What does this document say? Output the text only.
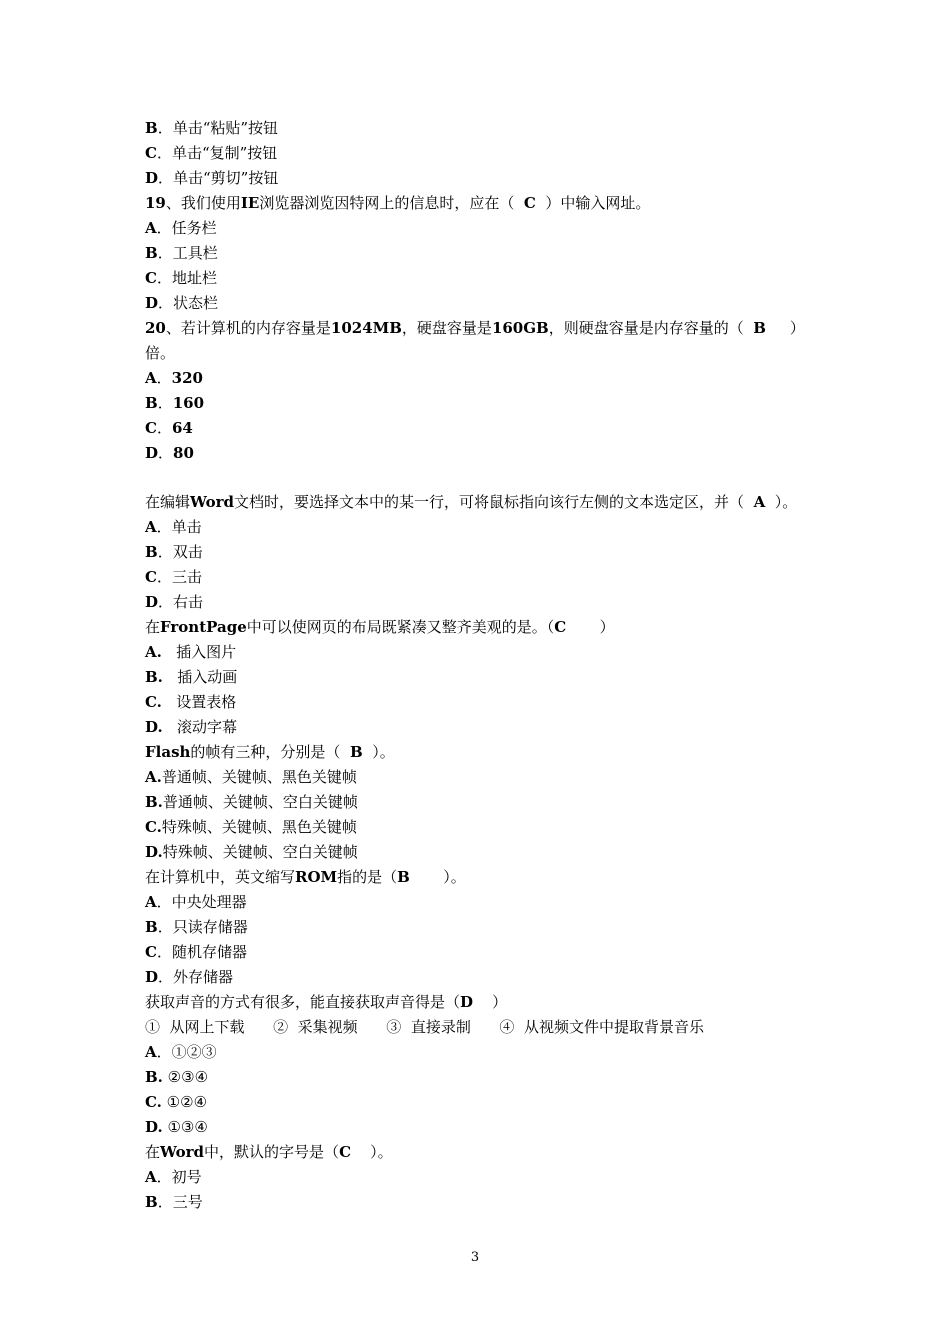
B．单击“粘贴”按钮
C．单击“复制”按钮
D．单击“剪切”按钮
19、我们使用IE浏览器浏览因特网上的信息时，应在（  C  ）中输入网址。
A．任务栏
B．工具栏
C．地址栏
D．状态栏
20、若计算机的内存容量是1024MB，硬盘容量是160GB，则硬盘容量是内存容量的（  B     ）
倍。
A．320
B．160
C．64
D．80
在编辑Word文档时，要选择文本中的某一行，可将鼠标指向该行左侧的文本选定区，并（  A  ）。
A．单击
B．双击
C．三击
D．右击
在FrontPage中可以使网页的布局既紧凑又整齐美观的是。（C       ）
A.   插入图片
B.   插入动画
C.   设置表格
D.   滚动字幕
Flash的帧有三种，分别是（  B  ）。
A.普通帧、关键帧、黑色关键帧
B.普通帧、关键帧、空白关键帧
C.特殊帧、关键帧、黑色关键帧
D.特殊帧、关键帧、空白关键帧
在计算机中，英文缩写ROM指的是（B       ）。
A．中央处理器
B．只读存储器
C．随机存储器
D．外存储器
获取声音的方式有很多，能直接获取声音得是（D    ）
①  从网上下载      ②  采集视频      ③  直接录制      ④  从视频文件中提取背景音乐
A．①②③
B. ②③④
C. ①②④
D. ①③④
在Word中，默认的字号是（C    ）。
A．初号
B．三号
3
